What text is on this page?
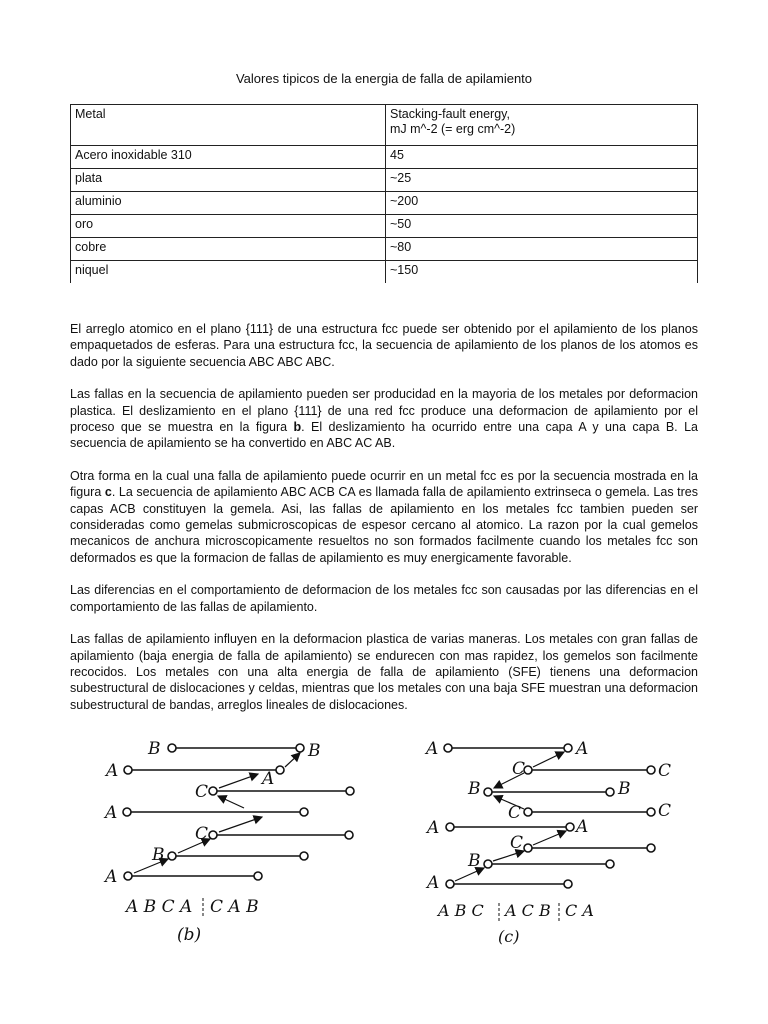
Valores tipicos de la energia de falla de apilamiento
Metal	Stacking-fault energy,
mJ m^-2 (= erg cm^-2)
Acero inoxidable 310	45
plata	~25
aluminio	~200
oro	~50
cobre	~80
niquel	~150

El arreglo atomico en el plano {111} de una estructura fcc puede ser obtenido por el apilamiento de los planos empaquetados de esferas. Para una estructura fcc, la secuencia de apilamiento de los planos de los atomos es dado por la siguiente secuencia ABC ABC ABC.

Las fallas en la secuencia de apilamiento pueden ser producidad en la mayoria de los metales por deformacion plastica. El deslizamiento en el plano {111} de una red fcc produce una deformacion de apilamiento por el proceso que se muestra en la figura b. El deslizamiento ha ocurrido entre una capa A y una capa B. La secuencia de apilamiento se ha convertido en ABC AC AB.

Otra forma en la cual una falla de apilamiento puede ocurrir en un metal fcc es por la secuencia mostrada en la figura c. La secuencia de apilamiento ABC ACB CA es llamada falla de apilamiento extrinseca o gemela. Las tres capas ACB constituyen la gemela. Asi, las fallas de apilamiento en los metales fcc tambien pueden ser consideradas como gemelas submicroscopicas de espesor cercano al atomico. La razon por la cual gemelos mecanicos de anchura microscopicamente resueltos no son formados facilmente cuando los metales fcc son deformados es que la formacion de fallas de apilamiento es muy energicamente favorable.

Las diferencias en el comportamiento de deformacion de los metales fcc son causadas por las diferencias en el comportamiento de las fallas de apilamiento.

Las fallas de apilamiento influyen en la deformacion plastica de varias maneras. Los metales con gran fallas de apilamiento (baja energia de falla de apilamiento) se endurecen con mas rapidez, los gemelos son facilmente recocidos. Los metales con una alta energia de falla de apilamiento (SFE) tienens una deformacion subestructural de dislocaciones y celdas, mientras que los metales con una baja SFE muestran una deformacion subestructural de bandas, arreglos lineales de dislocaciones.

B	B
A	A
C
A
C
B
A
A B C A C A B
(b)
A	A
C	C
B	B
C	C
A	A
C
B
A
A B C A C B C A
(c)
